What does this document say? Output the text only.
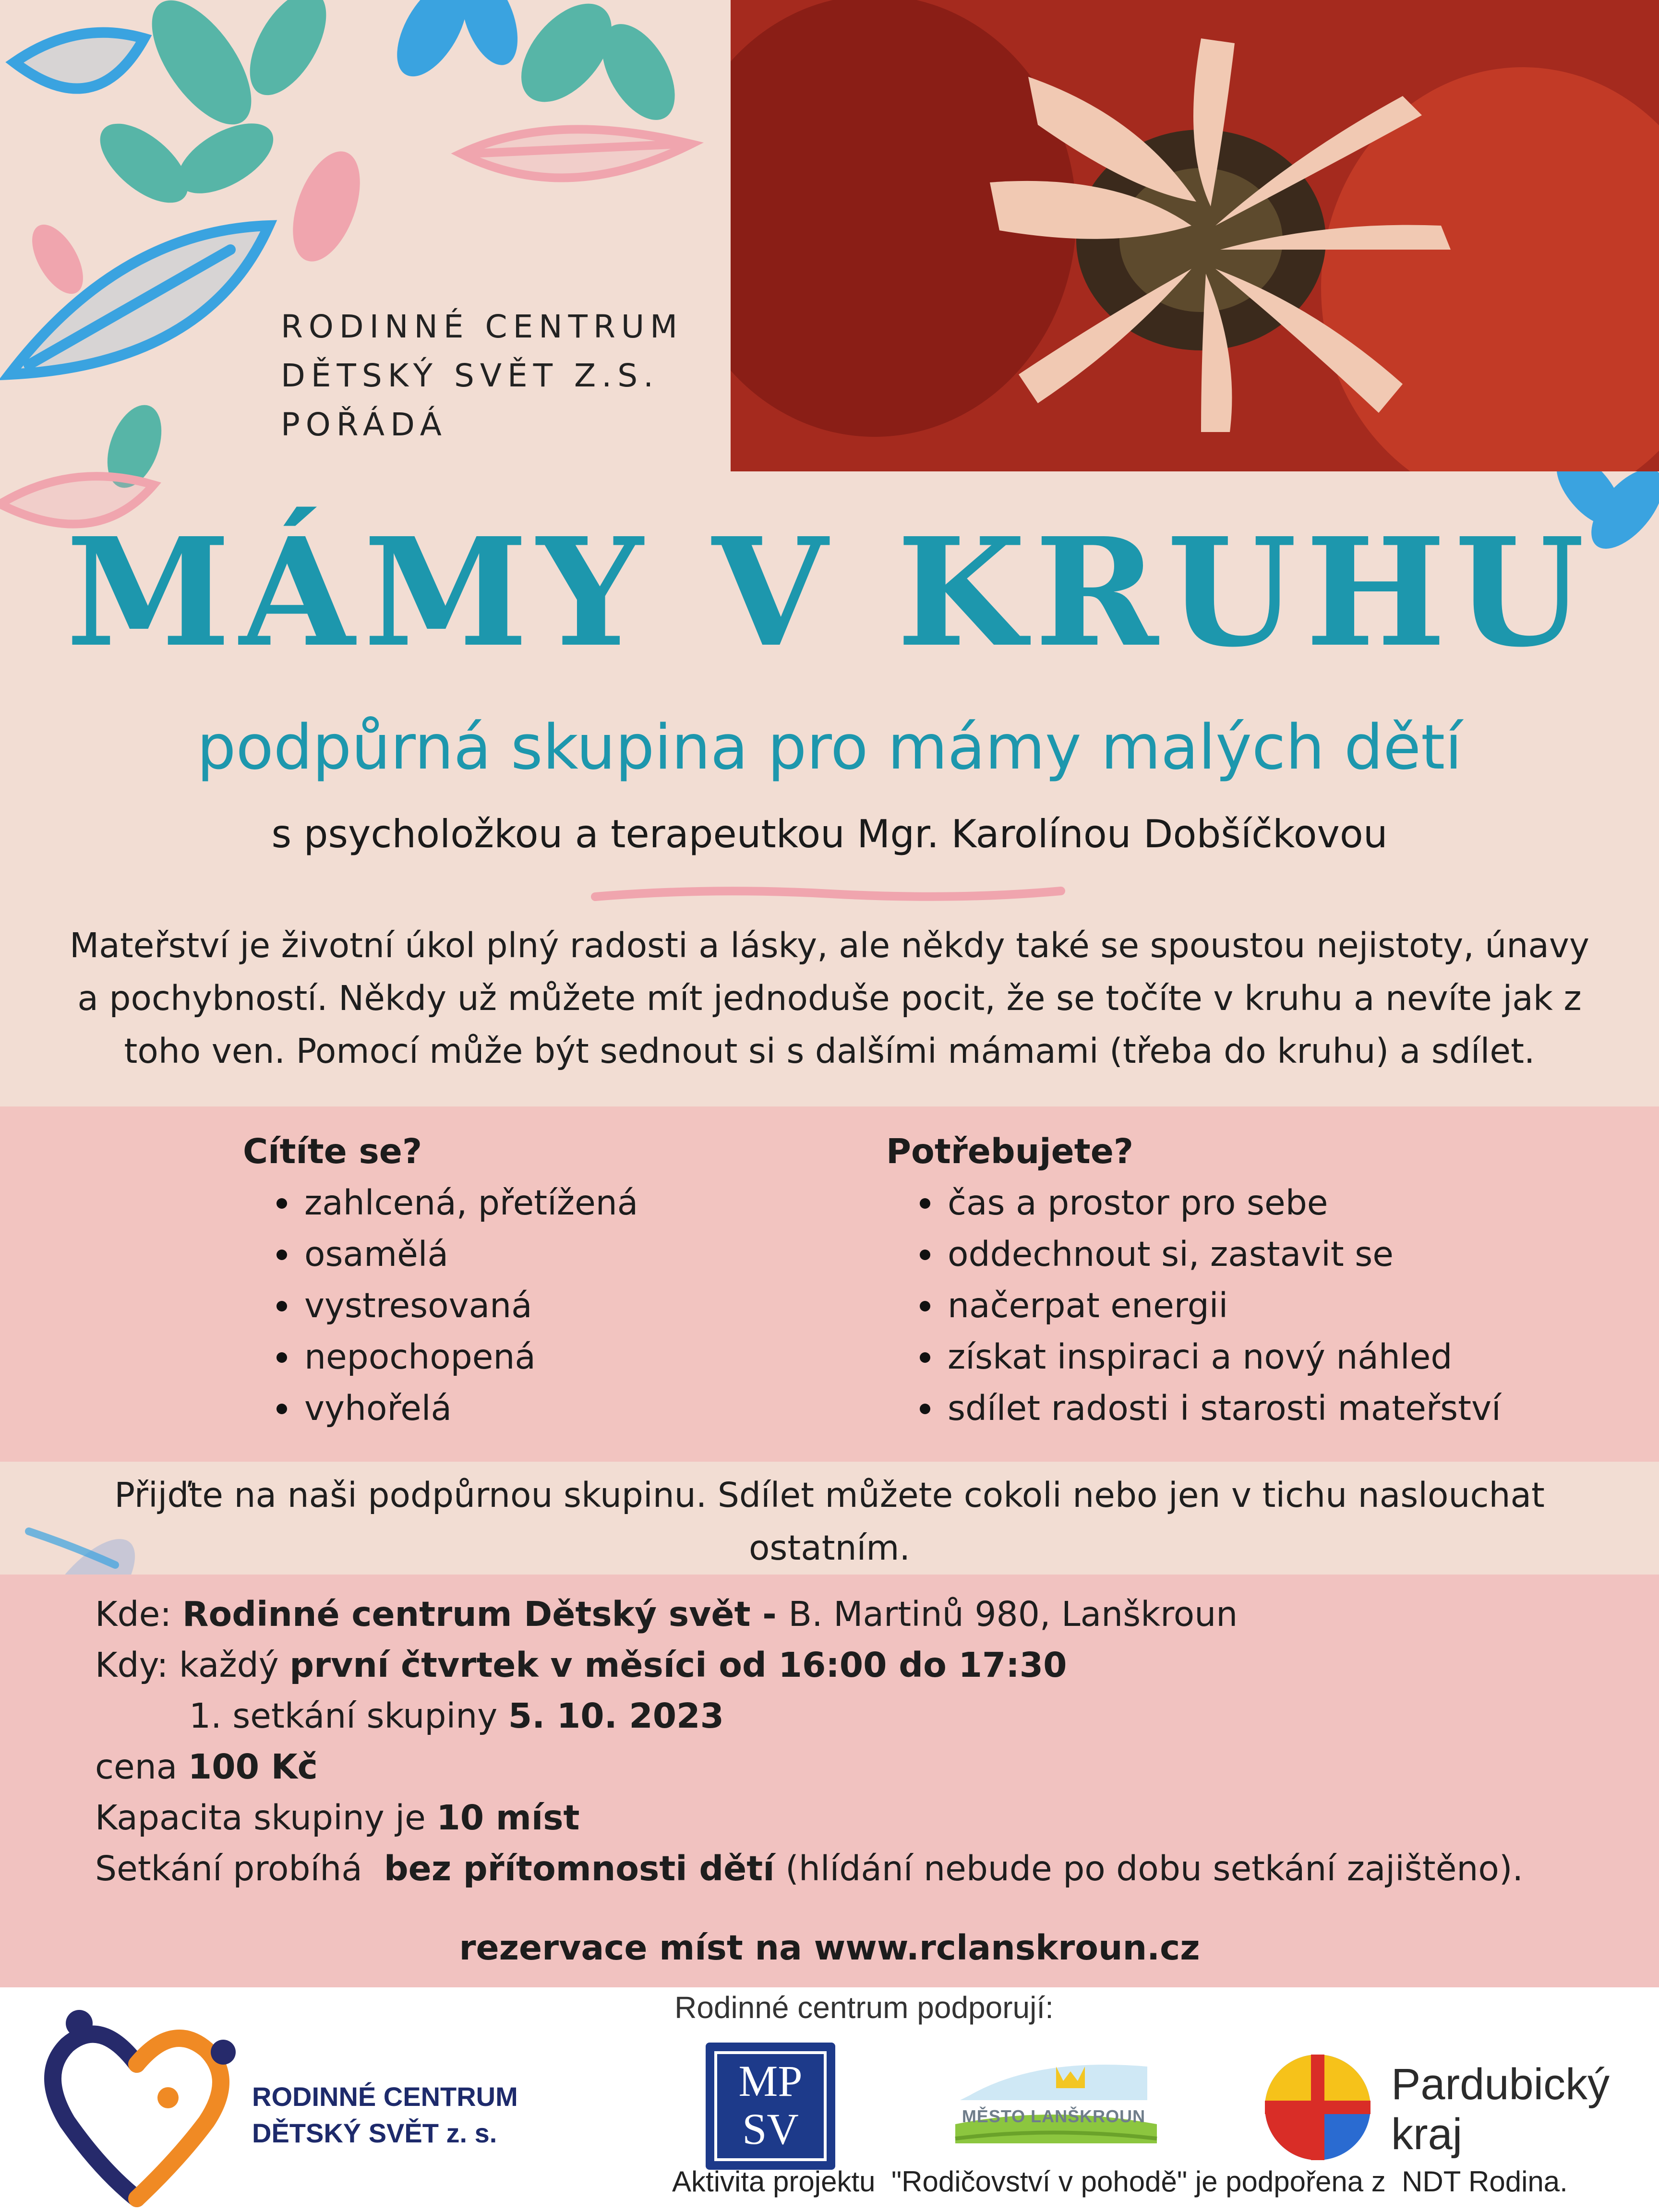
RODINNÉ CENTRUM
DĚTSKÝ SVĚT Z.S.
POŘÁDÁ
MÁMY V KRUHU
podpůrná skupina pro mámy malých dětí
s psycholožkou a terapeutkou Mgr. Karolínou Dobšíčkovou
Mateřství je životní úkol plný radosti a lásky, ale někdy také se spoustou nejistoty, únavy a pochybností. Někdy už můžete mít jednoduše pocit, že se točíte v kruhu a nevíte jak z toho ven. Pomocí může být sednout si s dalšími mámami (třeba do kruhu) a sdílet.
Cítíte se?
zahlcená, přetížená
osamělá
vystresovaná
nepochopená
vyhořelá
Potřebujete?
čas a prostor pro sebe
oddechnout si, zastavit se
načerpat energii
získat inspiraci a nový náhled
sdílet radosti i starosti mateřství
Přijďte na naši podpůrnou skupinu. Sdílet můžete cokoli nebo jen v tichu naslouchat ostatním.
Kde: Rodinné centrum Dětský svět - B. Martinů 980, Lanškroun
Kdy: každý první čtvrtek v měsíci od 16:00 do 17:30
1. setkání skupiny 5. 10. 2023
cena 100 Kč
Kapacita skupiny je 10 míst
Setkání probíhá  bez přítomnosti dětí (hlídání nebude po dobu setkání zajištěno).
rezervace míst na www.rclanskroun.cz
Rodinné centrum podporují:
RODINNÉ CENTRUM
DĚTSKÝ SVĚT z. s.
MP
SV	MĚSTO LANŠKROUN
Pardubický
kraj
Aktivita projektu  "Rodičovství v pohodě" je podpořena z  NDT Rodina.
